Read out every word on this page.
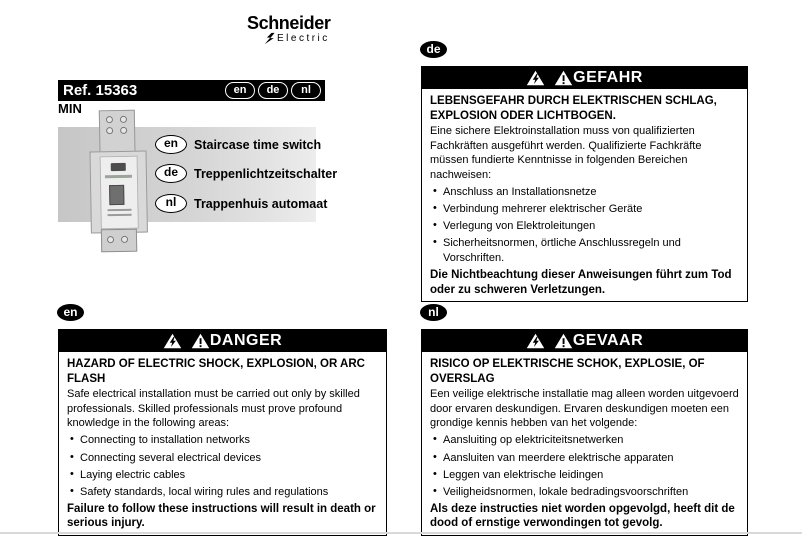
Schneider
Electric
Ref. 15363	en	de	nl
MIN
en	Staircase time switch
de	Treppenlichtzeitschalter
nl	Trappenhuis automaat
de
en	nl
GEFAHR

LEBENSGEFAHR DURCH ELEKTRISCHEN SCHLAG, EXPLOSION ODER LICHTBOGEN.

Eine sichere Elektroinstallation muss von qualifizierten Fachkräften ausgeführt werden. Qualifizierte Fachkräfte müssen fundierte Kenntnisse in folgenden Bereichen nachweisen:

• Anschluss an Installationsnetze
• Verbindung mehrerer elektrischer Geräte
• Verlegung von Elektroleitungen
• Sicherheitsnormen, örtliche Anschlussregeln und Vorschriften.

Die Nichtbeachtung dieser Anweisungen führt zum Tod oder zu schweren Verletzungen.

DANGER

HAZARD OF ELECTRIC SHOCK, EXPLOSION, OR ARC FLASH

Safe electrical installation must be carried out only by skilled professionals. Skilled professionals must prove profound knowledge in the following areas:

• Connecting to installation networks
• Connecting several electrical devices
• Laying electric cables
• Safety standards, local wiring rules and regulations

Failure to follow these instructions will result in death or serious injury.

GEVAAR

RISICO OP ELEKTRISCHE SCHOK, EXPLOSIE, OF OVERSLAG

Een veilige elektrische installatie mag alleen worden uitgevoerd door ervaren deskundigen. Ervaren deskundigen moeten een grondige kennis hebben van het volgende:

• Aansluiting op elektriciteitsnetwerken
• Aansluiten van meerdere elektrische apparaten
• Leggen van elektrische leidingen
• Veiligheidsnormen, lokale bedradingsvoorschriften

Als deze instructies niet worden opgevolgd, heeft dit de dood of ernstige verwondingen tot gevolg.
